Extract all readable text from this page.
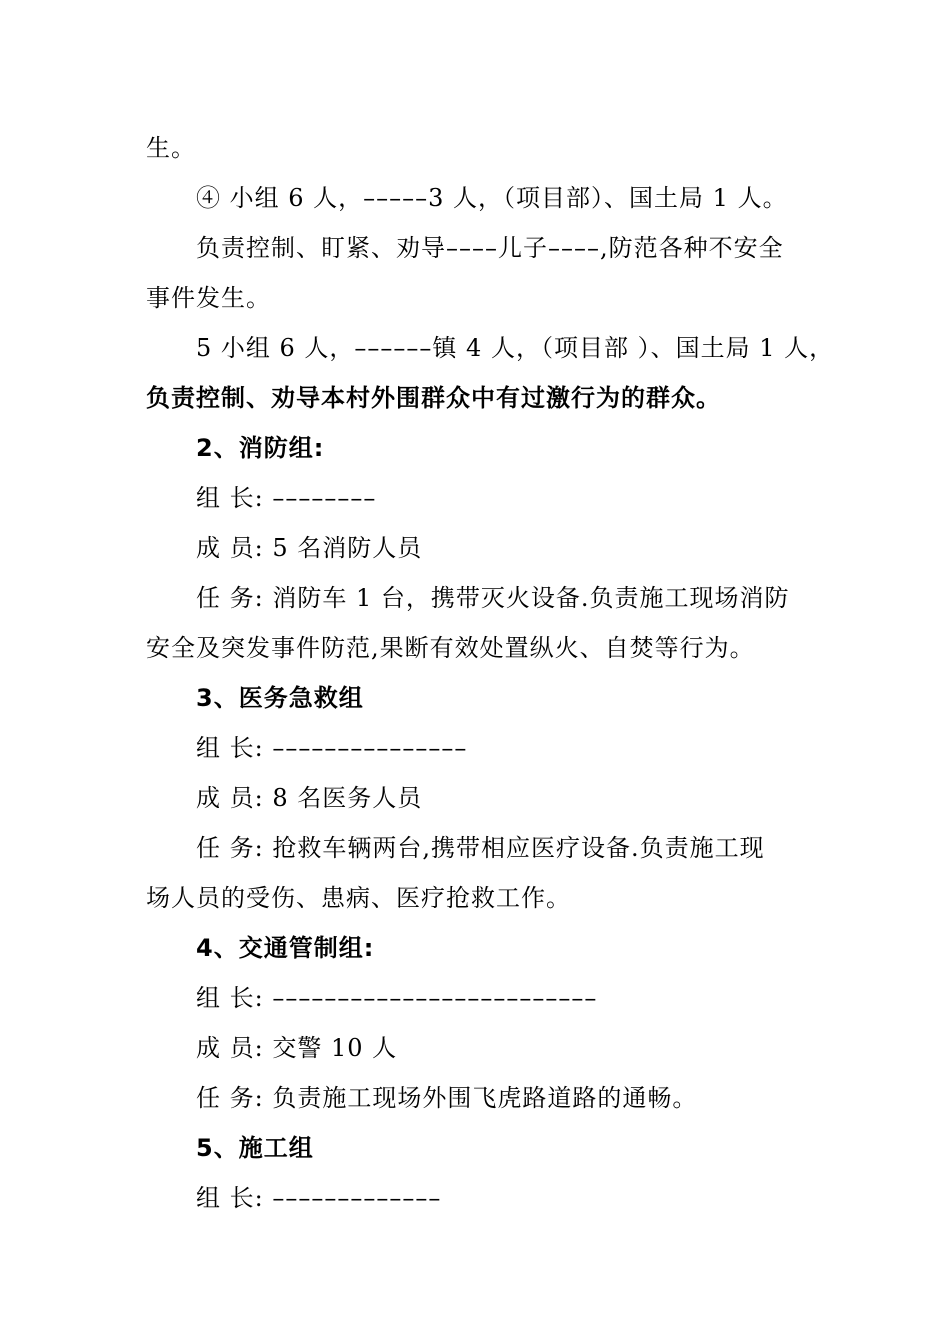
生。
④ 小组 6 人，–––––3 人，（项目部）、国土局 1 人。
负责控制、盯紧、劝导––––儿子––––,防范各种不安全
事件发生。
5 小组 6 人，––––––镇 4 人，（项目部 ）、国土局 1 人，
负责控制、劝导本村外围群众中有过激行为的群众。
2、消防组:
组 长: ––––––––
成 员: 5 名消防人员
任 务: 消防车 1 台，携带灭火设备.负责施工现场消防
安全及突发事件防范,果断有效处置纵火、自焚等行为。
3、医务急救组
组 长: –––––––––––––––
成 员: 8 名医务人员
任 务: 抢救车辆两台,携带相应医疗设备.负责施工现
场人员的受伤、患病、医疗抢救工作。
4、交通管制组:
组 长: –––––––––––––––––––––––––
成 员: 交警 10 人
任 务: 负责施工现场外围飞虎路道路的通畅。
5、施工组
组 长: –––––––––––––
